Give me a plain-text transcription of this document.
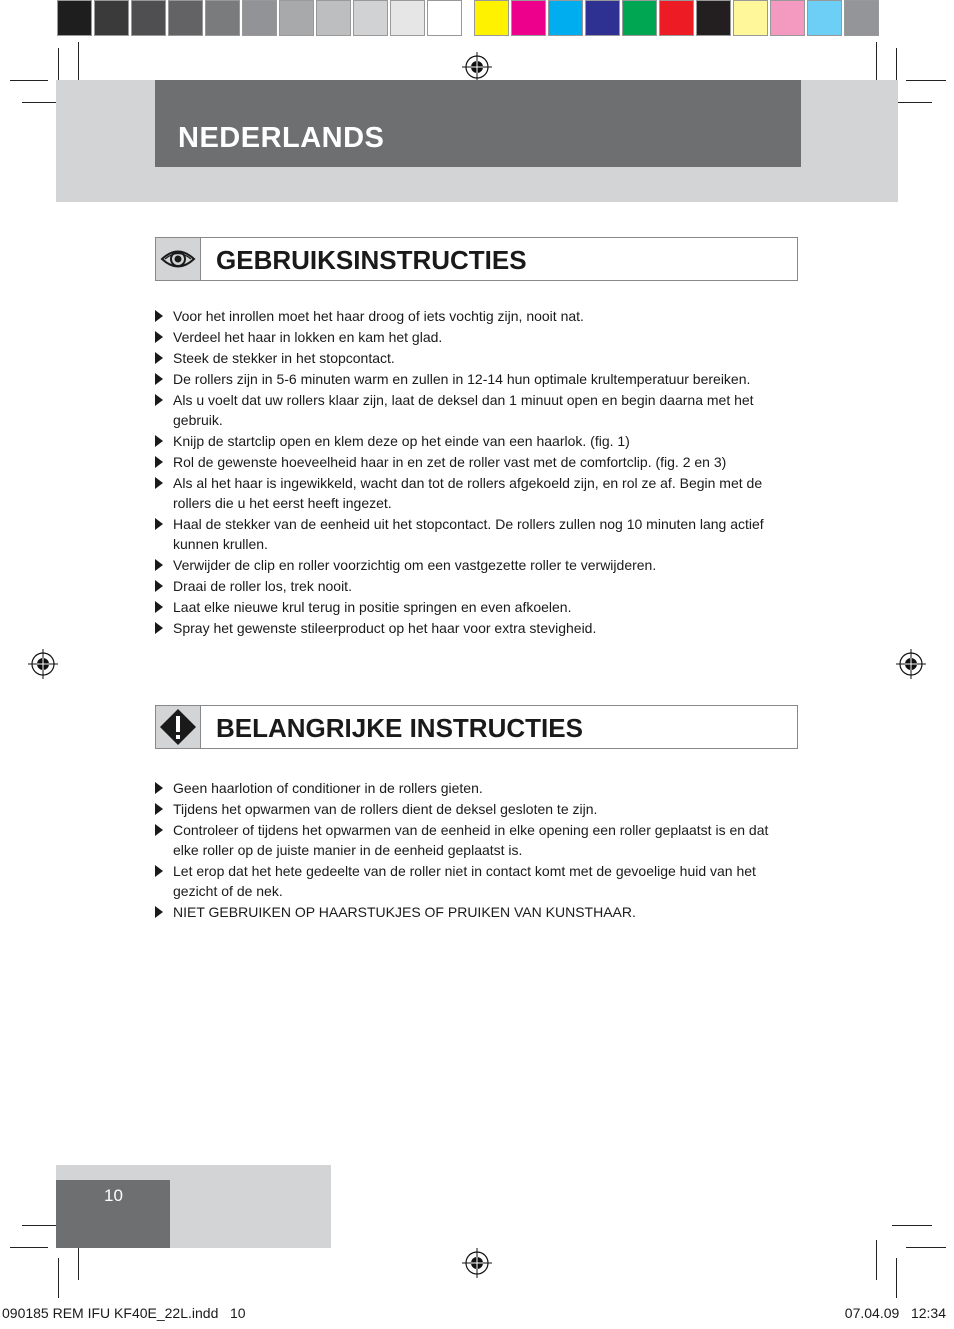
NEDERLANDS
GEBRUIKSINSTRUCTIES
Voor het inrollen moet het haar droog of iets vochtig zijn, nooit nat.
Verdeel het haar in lokken en kam het glad.
Steek de stekker in het stopcontact.
De rollers zijn in 5-6 minuten warm en zullen in 12-14 hun optimale krultemperatuur bereiken.
Als u voelt dat uw rollers klaar zijn, laat de deksel dan 1 minuut open en begin daarna met het gebruik.
Knijp de startclip open en klem deze op het einde van een haarlok. (fig. 1)
Rol de gewenste hoeveelheid haar in en zet de roller vast met de comfortclip. (fig. 2 en 3)
Als al het haar is ingewikkeld, wacht dan tot de rollers afgekoeld zijn, en rol ze af. Begin met de rollers die u het eerst heeft ingezet.
Haal de stekker van de eenheid uit het stopcontact. De rollers zullen nog 10 minuten lang actief kunnen krullen.
Verwijder de clip en roller voorzichtig om een vastgezette roller te verwijderen.
Draai de roller los, trek nooit.
Laat elke nieuwe krul terug in positie springen en even afkoelen.
Spray het gewenste stileerproduct op het haar voor extra stevigheid.
BELANGRIJKE INSTRUCTIES
Geen haarlotion of conditioner in de rollers gieten.
Tijdens het opwarmen van de rollers dient de deksel gesloten te zijn.
Controleer of tijdens het opwarmen van de eenheid in elke opening een roller geplaatst is en dat elke roller op de juiste manier in de eenheid geplaatst is.
Let erop dat het hete gedeelte van de roller niet in contact komt met de gevoelige huid van het gezicht of de nek.
NIET GEBRUIKEN OP HAARSTUKJES OF PRUIKEN VAN KUNSTHAAR.
10
090185 REM IFU KF40E_22L.indd   10	07.04.09   12:34
